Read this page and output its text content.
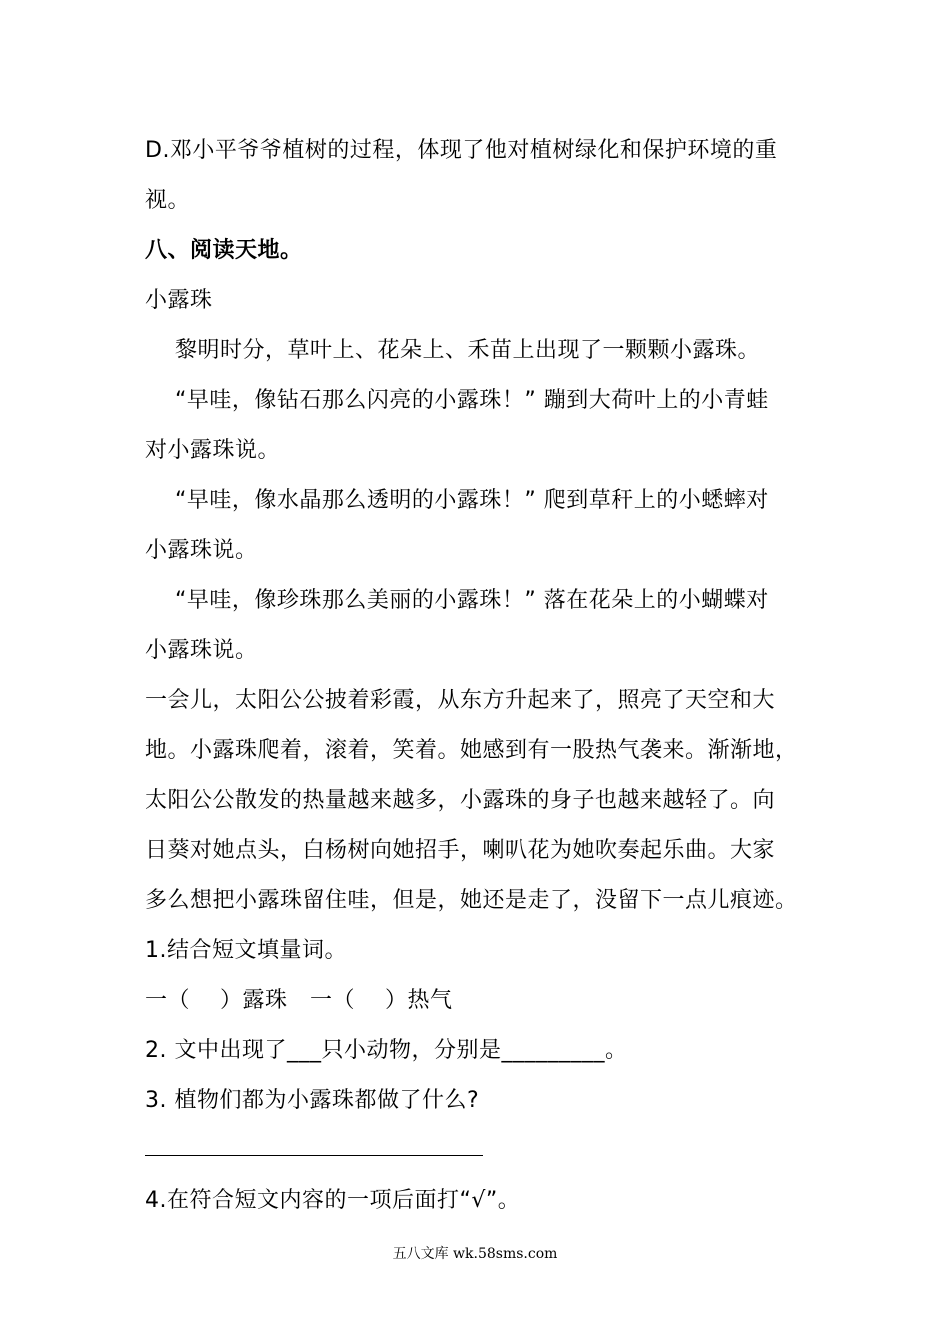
D.邓小平爷爷植树的过程，体现了他对植树绿化和保护环境的重
视。
八、阅读天地。
小露珠
　 黎明时分，草叶上、花朵上、禾苗上出现了一颗颗小露珠。
　 “早哇，像钻石那么闪亮的小露珠！” 蹦到大荷叶上的小青蛙
对小露珠说。
　 “早哇，像水晶那么透明的小露珠！” 爬到草秆上的小蟋蟀对
小露珠说。
　 “早哇，像珍珠那么美丽的小露珠！” 落在花朵上的小蝴蝶对
小露珠说。
一会儿，太阳公公披着彩霞，从东方升起来了，照亮了天空和大
地。小露珠爬着，滚着，笑着。她感到有一股热气袭来。渐渐地，
太阳公公散发的热量越来越多，小露珠的身子也越来越轻了。向
日葵对她点头，白杨树向她招手，喇叭花为她吹奏起乐曲。大家
多么想把小露珠留住哇，但是，她还是走了，没留下一点儿痕迹。
1.结合短文填量词。
一（　 ）露珠　一（　 ）热气
2. 文中出现了___只小动物，分别是_________。
3. 植物们都为小露珠都做了什么?
4.在符合短文内容的一项后面打“√”。
五八文库 wk.58sms.com
